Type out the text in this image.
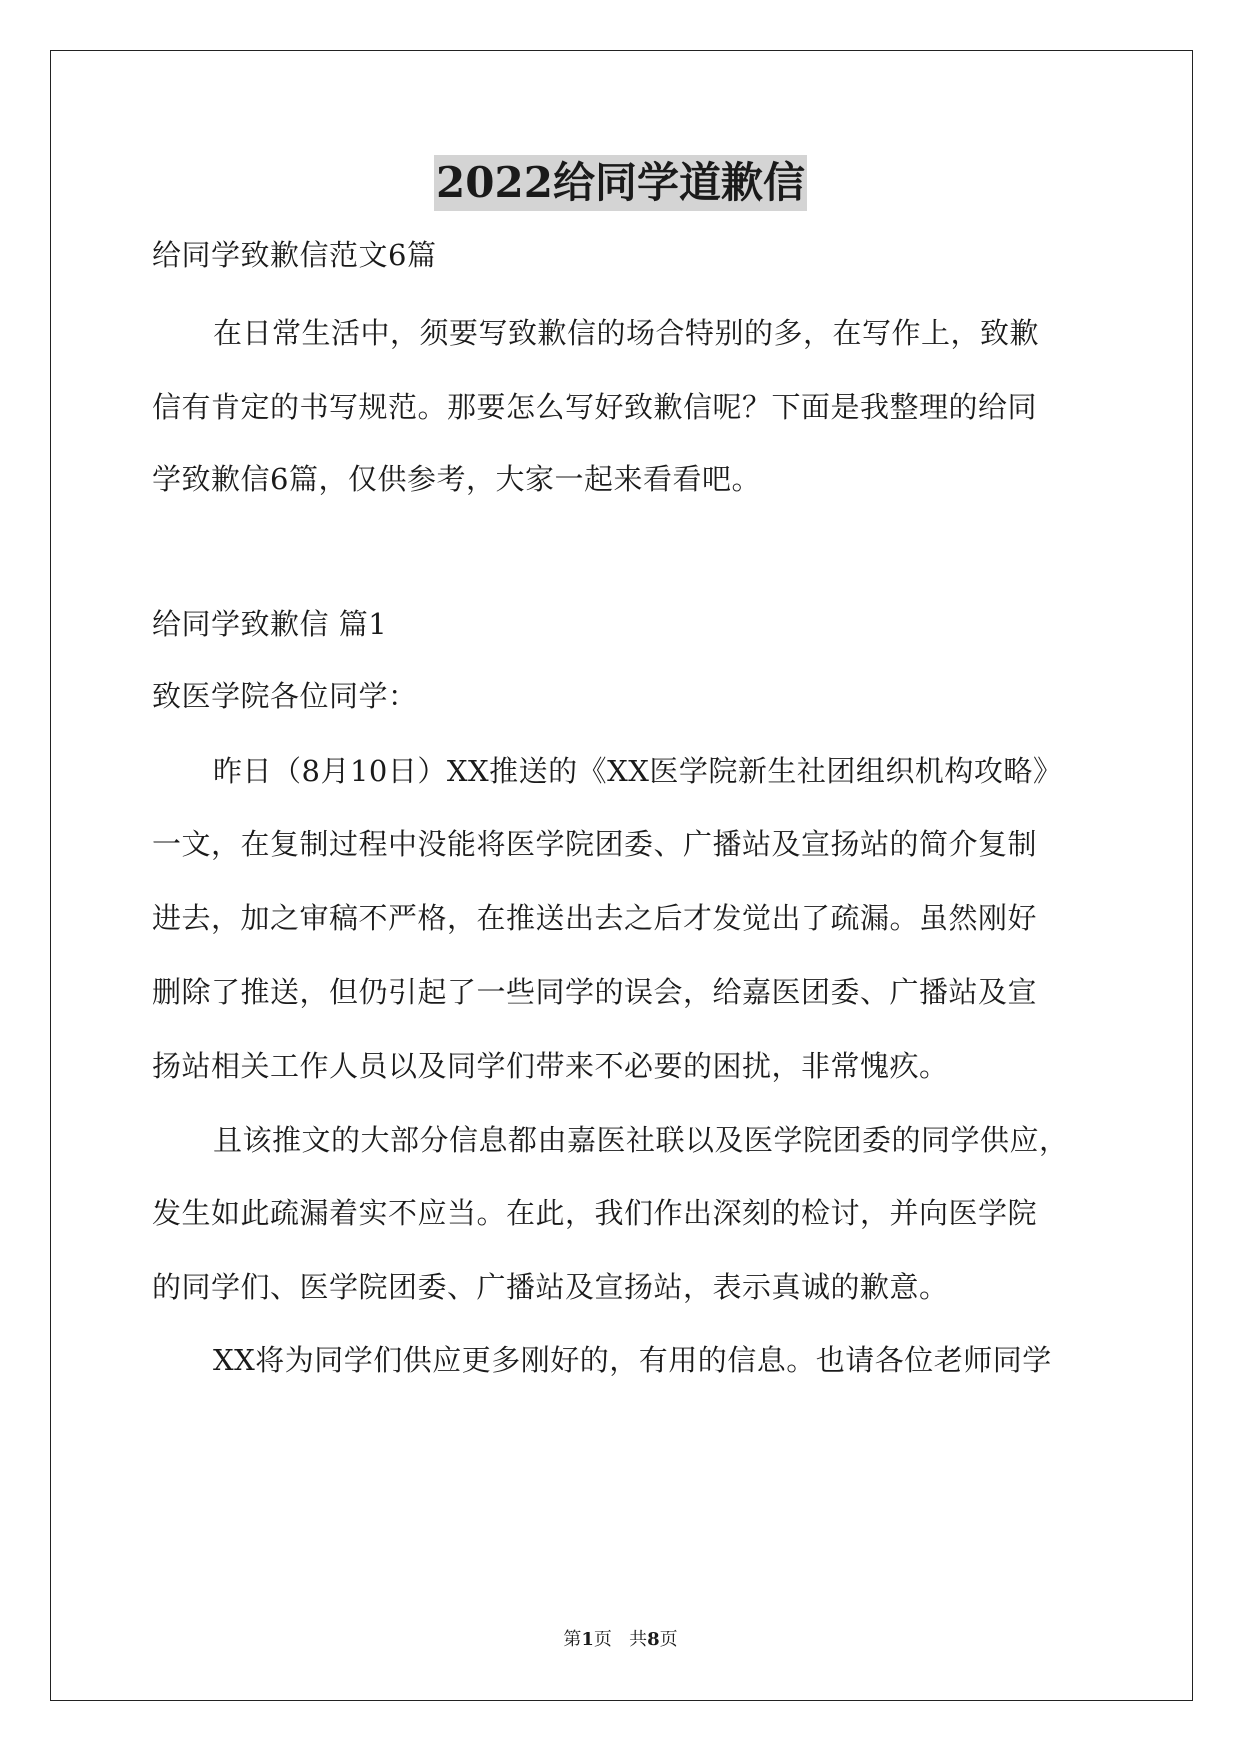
2022给同学道歉信
给同学致歉信范文6篇
在日常生活中，须要写致歉信的场合特别的多，在写作上，致歉
信有肯定的书写规范。那要怎么写好致歉信呢？下面是我整理的给同
学致歉信6篇，仅供参考，大家一起来看看吧。
给同学致歉信 篇1
致医学院各位同学：
昨日（8月10日）XX推送的《XX医学院新生社团组织机构攻略》
一文，在复制过程中没能将医学院团委、广播站及宣扬站的简介复制
进去，加之审稿不严格，在推送出去之后才发觉出了疏漏。虽然刚好
删除了推送，但仍引起了一些同学的误会，给嘉医团委、广播站及宣
扬站相关工作人员以及同学们带来不必要的困扰，非常愧疚。
且该推文的大部分信息都由嘉医社联以及医学院团委的同学供应，
发生如此疏漏着实不应当。在此，我们作出深刻的检讨，并向医学院
的同学们、医学院团委、广播站及宣扬站，表示真诚的歉意。
XX将为同学们供应更多刚好的，有用的信息。也请各位老师同学
第1页 共8页
